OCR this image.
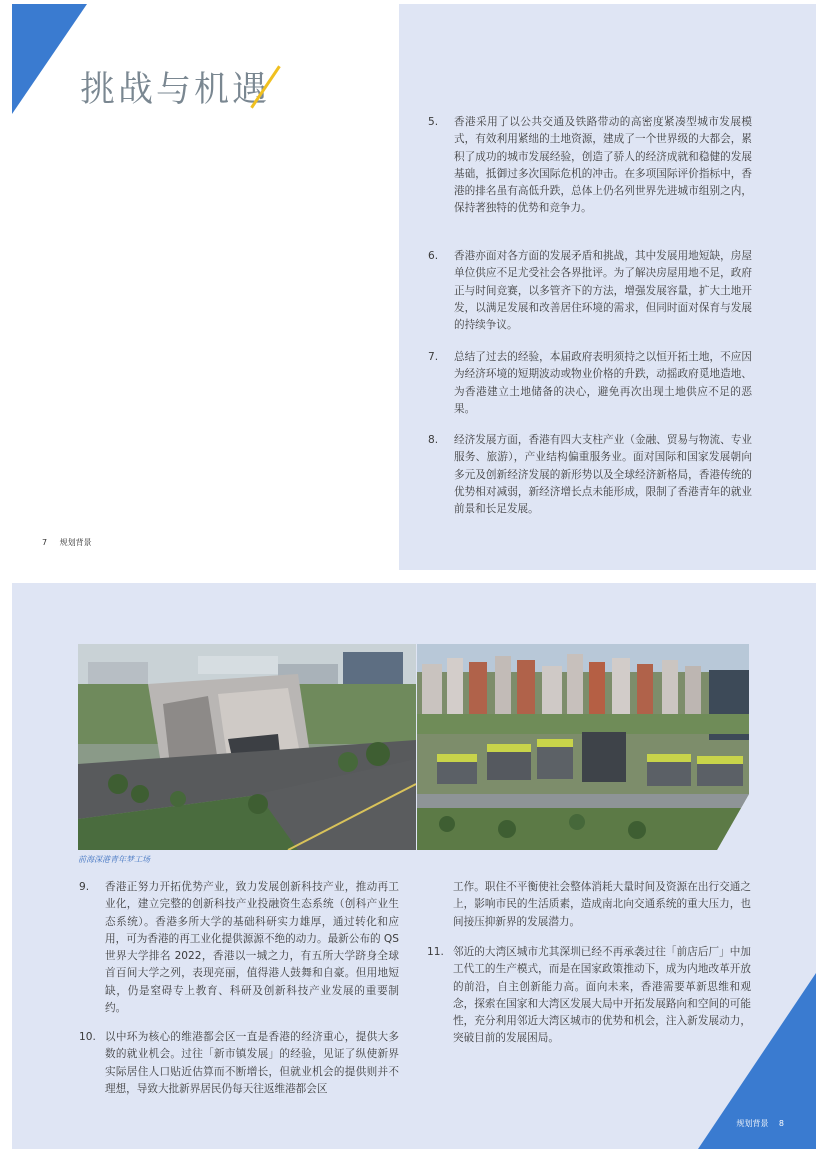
挑战与机遇
7 规划背景
5. 香港采用了以公共交通及铁路带动的高密度紧凑型城市发展模式，有效利用紧绌的土地资源，建成了一个世界级的大都会，累积了成功的城市发展经验，创造了骄人的经济成就和稳健的发展基础，抵御过多次国际危机的冲击。在多项国际评价指标中，香港的排名虽有高低升跌，总体上仍名列世界先进城市组别之内，保持著独特的优势和竞争力。
6. 香港亦面对各方面的发展矛盾和挑战，其中发展用地短缺，房屋单位供应不足尤受社会各界批评。为了解决房屋用地不足，政府正与时间竞赛，以多管齐下的方法，增强发展容量，扩大土地开发，以满足发展和改善居住环境的需求，但同时面对保育与发展的持续争议。
7. 总结了过去的经验，本届政府表明须持之以恒开拓土地，不应因为经济环境的短期波动或物业价格的升跌，动摇政府觅地造地、为香港建立土地储备的决心，避免再次出现土地供应不足的恶果。
8. 经济发展方面，香港有四大支柱产业（金融、贸易与物流、专业服务、旅游），产业结构偏重服务业。面对国际和国家发展朝向多元及创新经济发展的新形势以及全球经济新格局，香港传统的优势相对减弱，新经济增长点未能形成，限制了香港青年的就业前景和长足发展。
前海深港青年梦工场
9. 香港正努力开拓优势产业，致力发展创新科技产业，推动再工业化，建立完整的创新科技产业投融资生态系统（创科产业生态系统）。香港多所大学的基础科研实力雄厚，通过转化和应用，可为香港的再工业化提供源源不绝的动力。最新公布的 QS 世界大学排名 2022，香港以一城之力，有五所大学跻身全球首百间大学之列，表现亮丽，值得港人鼓舞和自豪。但用地短缺，仍是窒碍专上教育、科研及创新科技产业发展的重要制约。
10. 以中环为核心的维港都会区一直是香港的经济重心，提供大多数的就业机会。过往「新市镇发展」的经验，见证了纵使新界实际居住人口贴近估算而不断增长，但就业机会的提供则并不理想，导致大批新界居民仍每天往返维港都会区
工作。职住不平衡使社会整体消耗大量时间及资源在出行交通之上，影响市民的生活质素，造成南北向交通系统的重大压力，也间接压抑新界的发展潜力。
11. 邻近的大湾区城市尤其深圳已经不再承袭过往「前店后厂」中加工代工的生产模式，而是在国家政策推动下，成为内地改革开放的前沿，自主创新能力高。面向未来，香港需要革新思维和观念，探索在国家和大湾区发展大局中开拓发展路向和空间的可能性，充分利用邻近大湾区城市的优势和机会，注入新发展动力，突破目前的发展困局。
规划背景 8
